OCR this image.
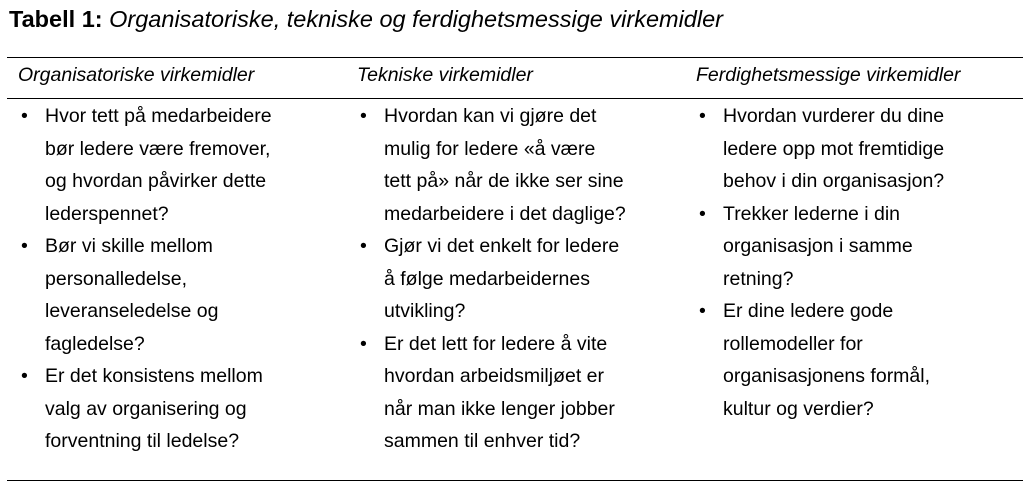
Tabell 1: Organisatoriske, tekniske og ferdighetsmessige virkemidler
Organisatoriske virkemidler
• Hvor tett på medarbeidere
bør ledere være fremover,
og hvordan påvirker dette
lederspennet?
• Bør vi skille mellom
personalledelse,
leveranseledelse og
fagledelse?
• Er det konsistens mellom
valg av organisering og
forventning til ledelse?
Tekniske virkemidler
• Hvordan kan vi gjøre det
mulig for ledere «å være
tett på» når de ikke ser sine
medarbeidere i det daglige?
• Gjør vi det enkelt for ledere
å følge medarbeidernes
utvikling?
• Er det lett for ledere å vite
hvordan arbeidsmiljøet er
når man ikke lenger jobber
sammen til enhver tid?
Ferdighetsmessige virkemidler
• Hvordan vurderer du dine
ledere opp mot fremtidige
behov i din organisasjon?
• Trekker lederne i din
organisasjon i samme
retning?
• Er dine ledere gode
rollemodeller for
organisasjonens formål,
kultur og verdier?
